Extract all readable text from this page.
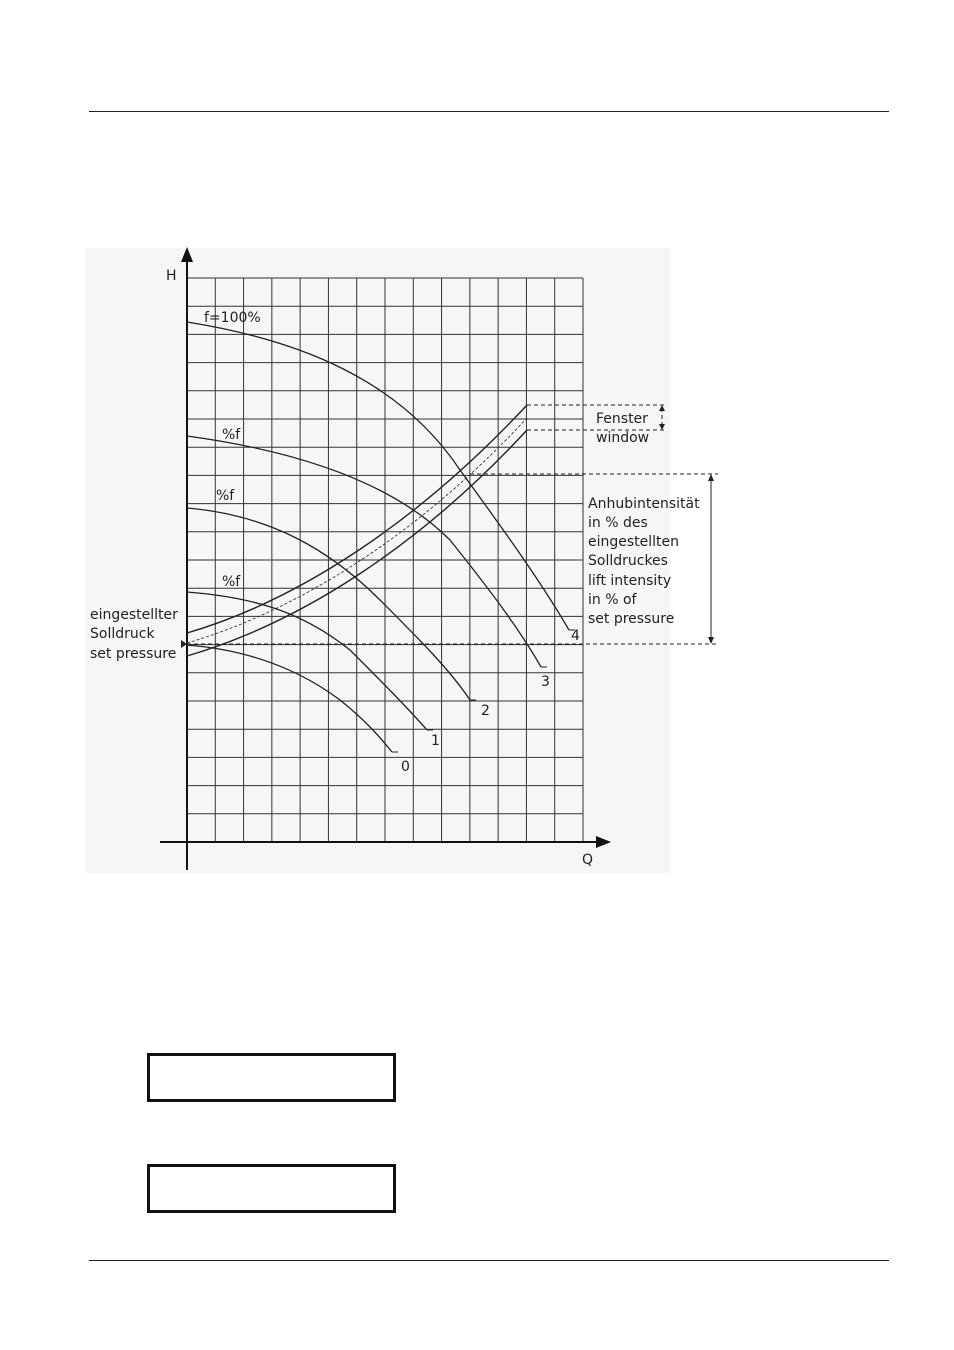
H
Q
f=100%
%f
%f
%f
0
1
2
3
4
Fenster
window
Anhubintensität
in % des
eingestellten
Solldruckes
lift intensity
in % of
set pressure
eingestellter
Solldruck
set pressure
